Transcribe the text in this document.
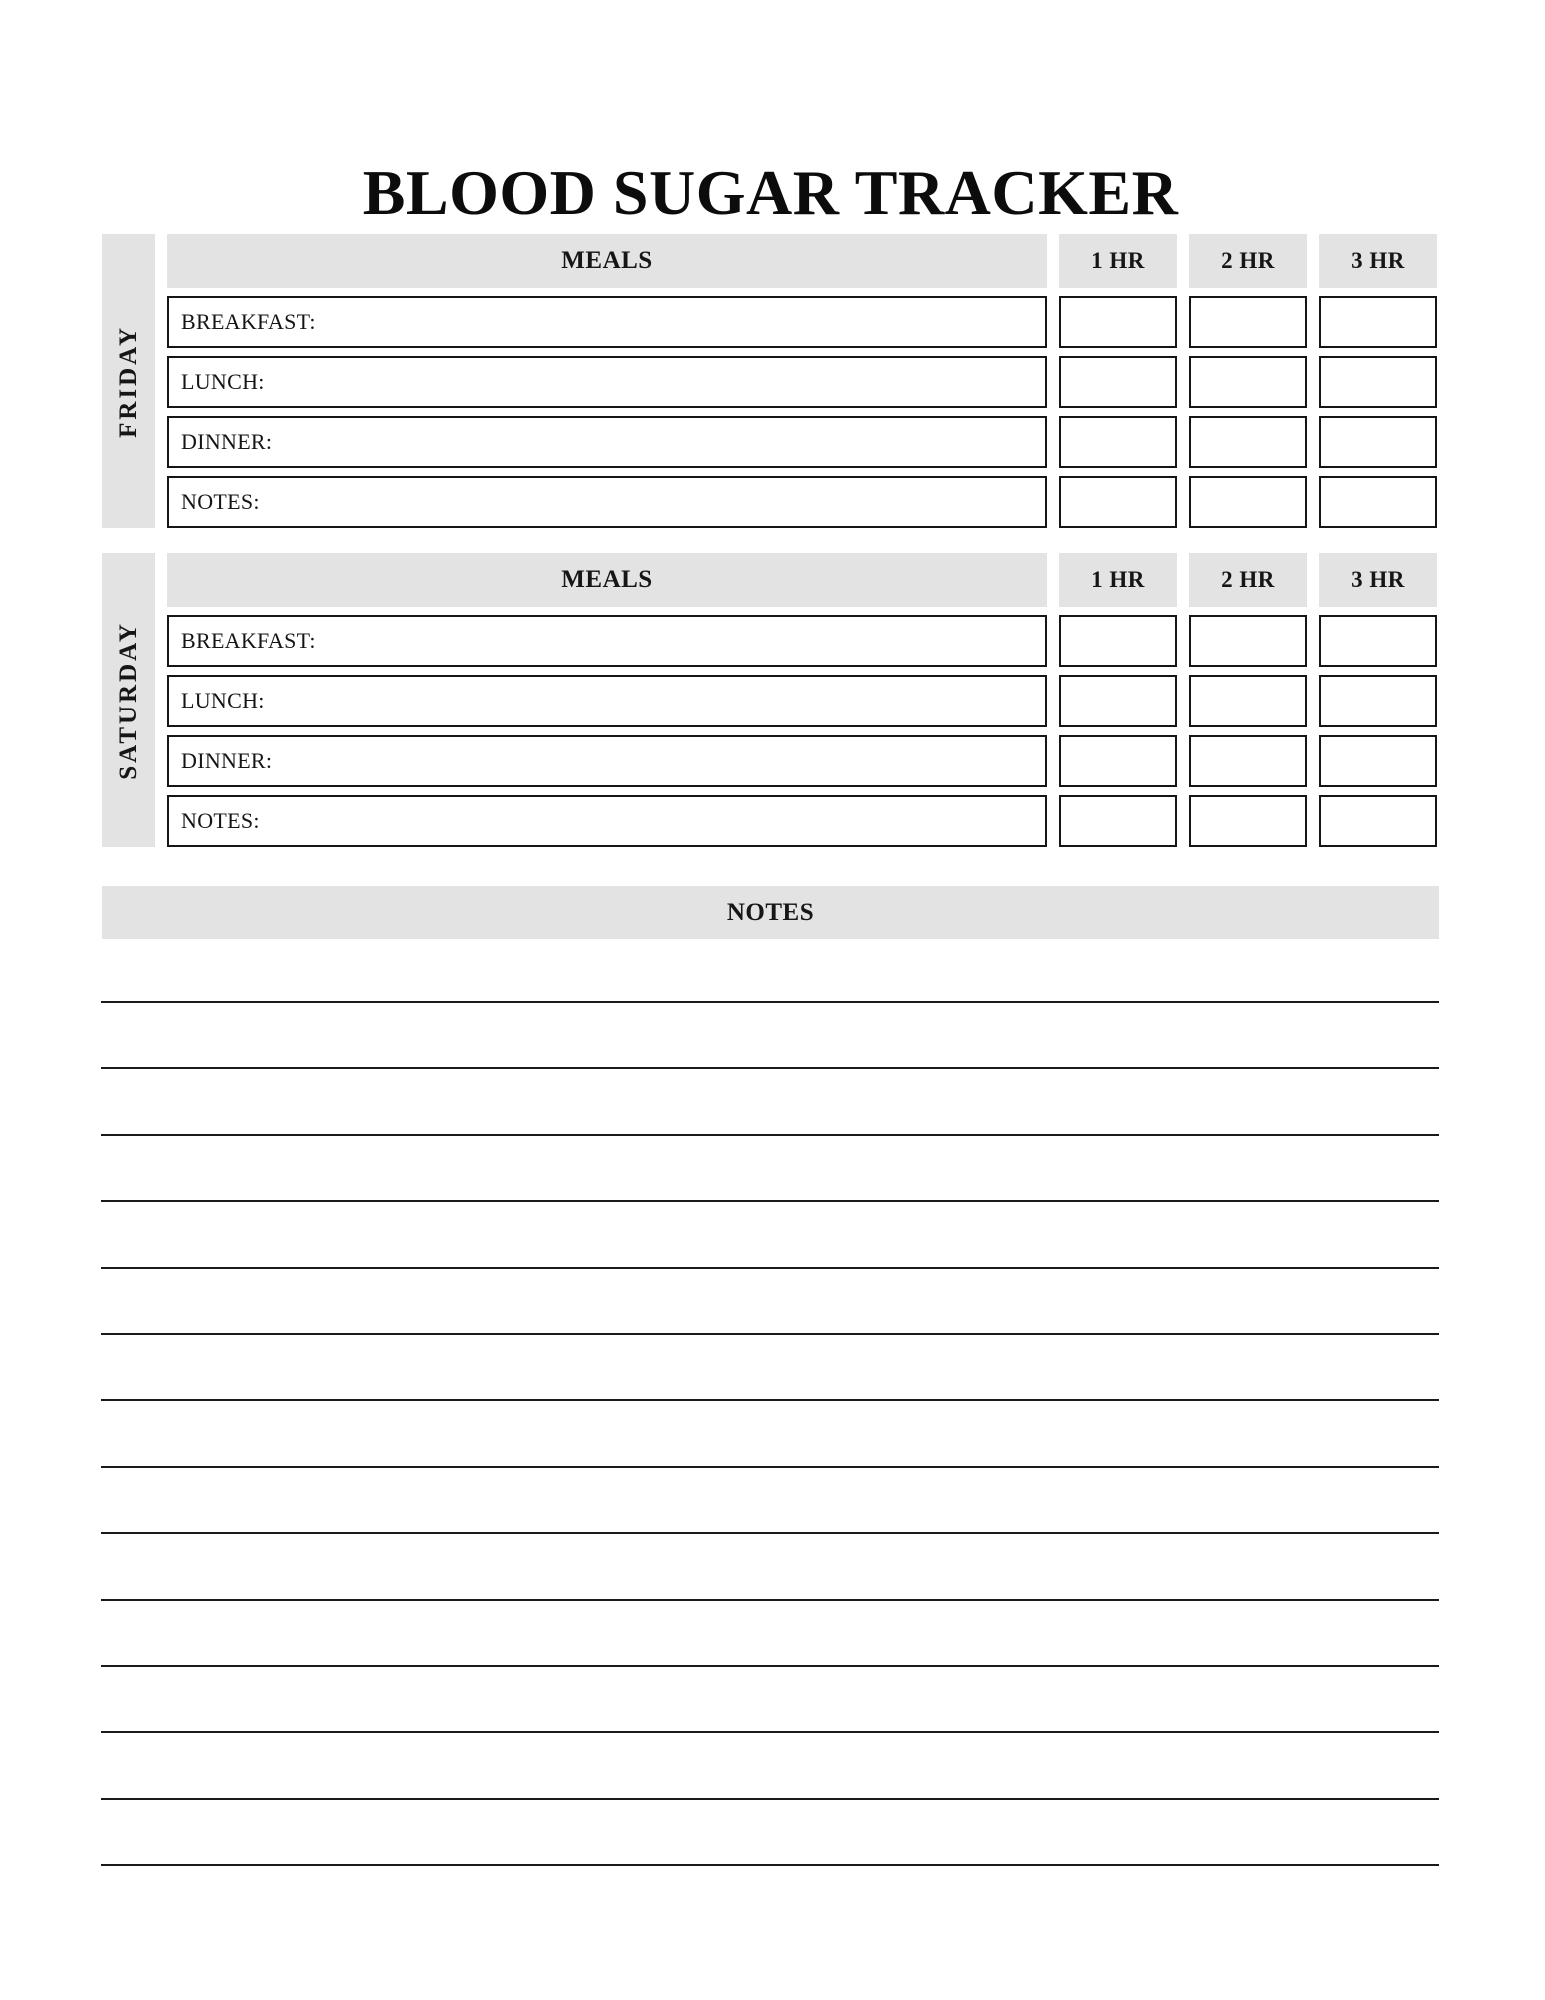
BLOOD SUGAR TRACKER
FRIDAY
MEALS	1 HR	2 HR	3 HR
BREAKFAST:
LUNCH:
DINNER:
NOTES:
SATURDAY
MEALS	1 HR	2 HR	3 HR
BREAKFAST:
LUNCH:
DINNER:
NOTES:
NOTES
